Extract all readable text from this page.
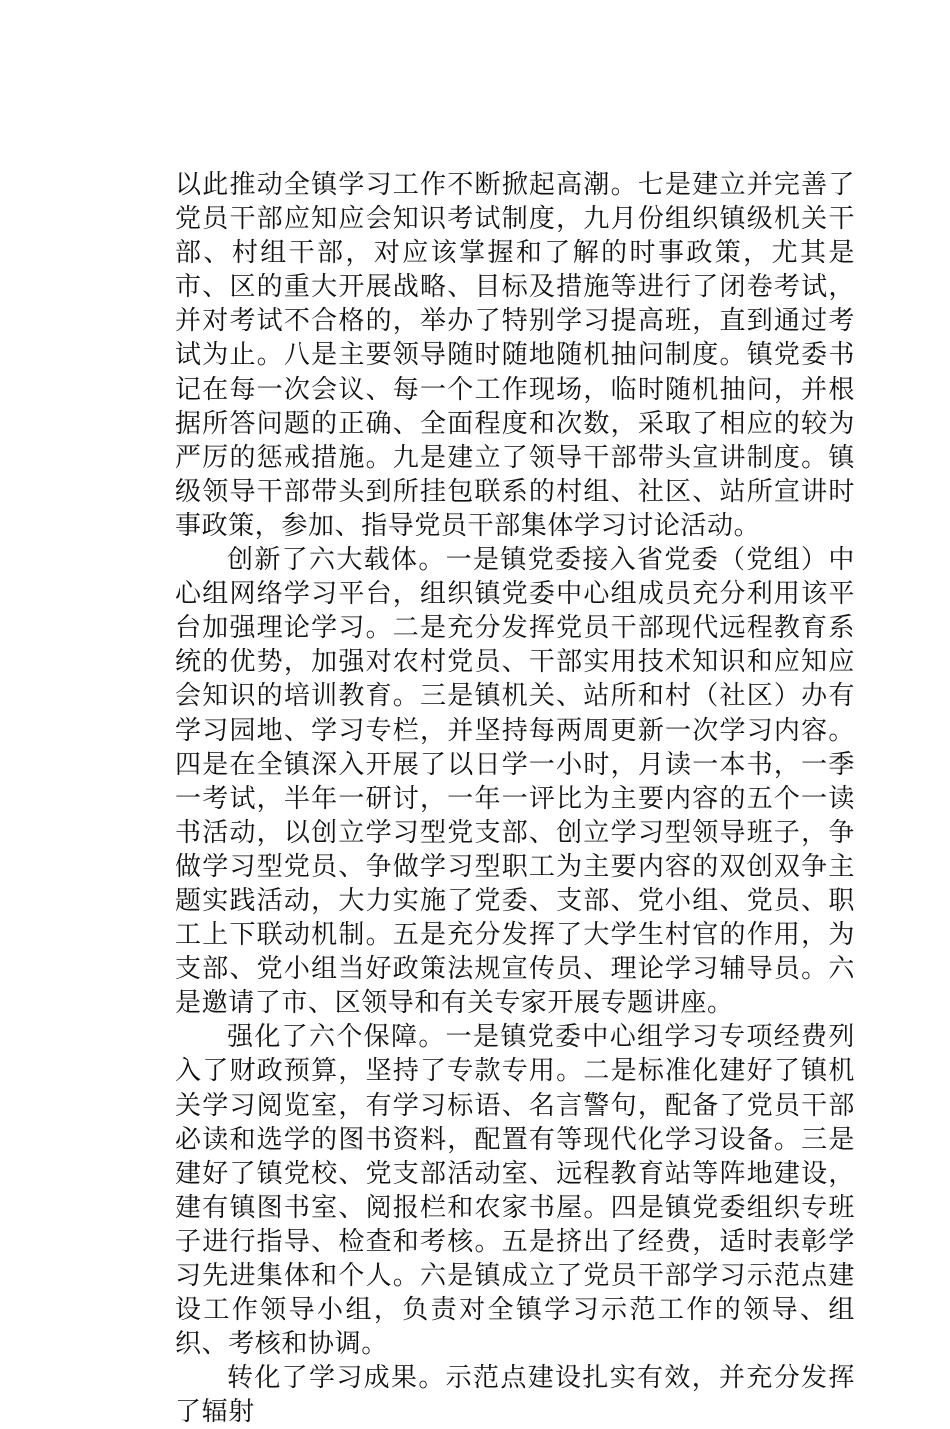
以此推动全镇学习工作不断掀起高潮。七是建立并完善了党员干部应知应会知识考试制度，九月份组织镇级机关干部、村组干部，对应该掌握和了解的时事政策，尤其是市、区的重大开展战略、目标及措施等进行了闭卷考试，并对考试不合格的，举办了特别学习提高班，直到通过考试为止。八是主要领导随时随地随机抽问制度。镇党委书记在每一次会议、每一个工作现场，临时随机抽问，并根据所答问题的正确、全面程度和次数，采取了相应的较为严厉的惩戒措施。九是建立了领导干部带头宣讲制度。镇级领导干部带头到所挂包联系的村组、社区、站所宣讲时事政策，参加、指导党员干部集体学习讨论活动。

创新了六大载体。一是镇党委接入省党委（党组）中心组网络学习平台，组织镇党委中心组成员充分利用该平台加强理论学习。二是充分发挥党员干部现代远程教育系统的优势，加强对农村党员、干部实用技术知识和应知应会知识的培训教育。三是镇机关、站所和村（社区）办有学习园地、学习专栏，并坚持每两周更新一次学习内容。四是在全镇深入开展了以日学一小时，月读一本书，一季一考试，半年一研讨，一年一评比为主要内容的五个一读书活动，以创立学习型党支部、创立学习型领导班子，争做学习型党员、争做学习型职工为主要内容的双创双争主题实践活动，大力实施了党委、支部、党小组、党员、职工上下联动机制。五是充分发挥了大学生村官的作用，为支部、党小组当好政策法规宣传员、理论学习辅导员。六是邀请了市、区领导和有关专家开展专题讲座。

强化了六个保障。一是镇党委中心组学习专项经费列入了财政预算，坚持了专款专用。二是标准化建好了镇机关学习阅览室，有学习标语、名言警句，配备了党员干部必读和选学的图书资料，配置有等现代化学习设备。三是建好了镇党校、党支部活动室、远程教育站等阵地建设，建有镇图书室、阅报栏和农家书屋。四是镇党委组织专班子进行指导、检查和考核。五是挤出了经费，适时表彰学习先进集体和个人。六是镇成立了党员干部学习示范点建设工作领导小组，负责对全镇学习示范工作的领导、组织、考核和协调。

转化了学习成果。示范点建设扎实有效，并充分发挥了辐射
